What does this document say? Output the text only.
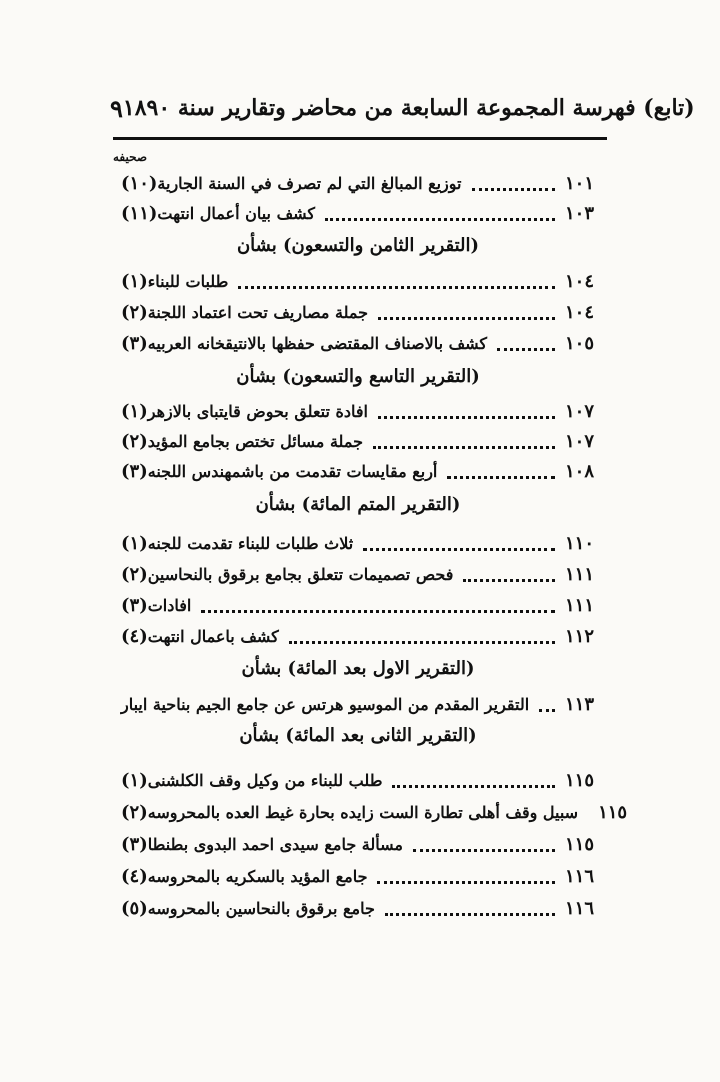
٩ (تابع) فهرسة المجموعة السابعة من محاضر وتقارير سنة ١٨٩٠
صحيفه
(١٠) توزيع المبالغ التي لم تصرف في السنة الجارية	١٠١
(١١) كشف بيان أعمال انتهت	١٠٣
(التقرير الثامن والتسعون) بشأن
(١) طلبات للبناء	١٠٤
(٢) جملة مصاريف تحت اعتماد اللجنة	١٠٤
(٣) كشف بالاصناف المقتضى حفظها بالانتيقخانه العربيه	١٠٥
(التقرير التاسع والتسعون) بشأن
(١) افادة تتعلق بحوض قايتباى بالازهر	١٠٧
(٢) جملة مسائل تختص بجامع المؤيد	١٠٧
(٣) أربع مقايسات تقدمت من باشمهندس اللجنه	١٠٨
(التقرير المتم المائة) بشأن
(١) ثلاث طلبات للبناء تقدمت للجنه	١١٠
(٢) فحص تصميمات تتعلق بجامع برقوق بالنحاسين	١١١
(٣) افادات	١١١
(٤) كشف باعمال انتهت	١١٢
(التقرير الاول بعد المائة) بشأن
التقرير المقدم من الموسيو هرتس عن جامع الجيم بناحية ايبار ١١٣
(التقرير الثانى بعد المائة) بشأن
(١) طلب للبناء من وكيل وقف الكلشنى	١١٥
(٢) سبيل وقف أهلى تطارة الست زايده بحارة غيط العده بالمحروسه ١١٥
(٣) مسألة جامع سيدى احمد البدوى بطنطا	١١٥
(٤) جامع المؤيد بالسكريه بالمحروسه	١١٦
(٥) جامع برقوق بالنحاسين بالمحروسه	١١٦
